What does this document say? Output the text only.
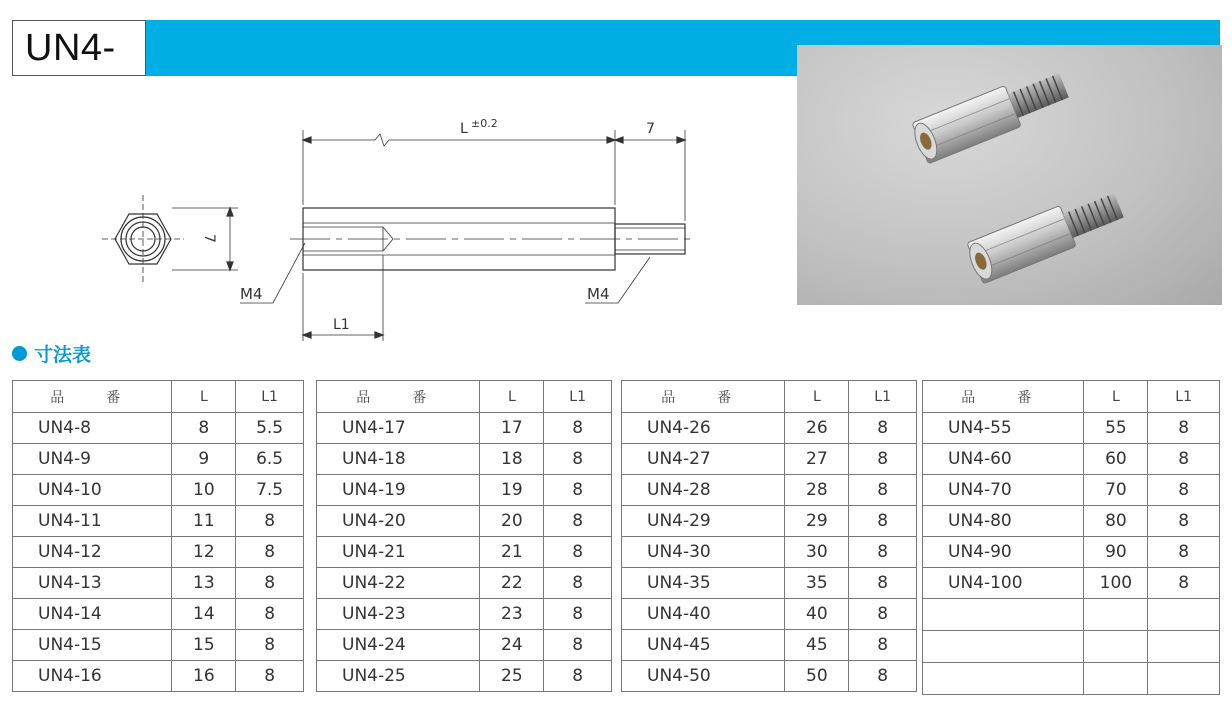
UN4-
7
L ±0.2	7
M4	M4
L1
寸法表
品　番	L	L1
UN4-8	8	5.5
UN4-9	9	6.5
UN4-10	10	7.5
UN4-11	11	8
UN4-12	12	8
UN4-13	13	8
UN4-14	14	8
UN4-15	15	8
UN4-16	16	8
品　番	L	L1
UN4-17	17	8
UN4-18	18	8
UN4-19	19	8
UN4-20	20	8
UN4-21	21	8
UN4-22	22	8
UN4-23	23	8
UN4-24	24	8
UN4-25	25	8
品　番	L	L1
UN4-26	26	8
UN4-27	27	8
UN4-28	28	8
UN4-29	29	8
UN4-30	30	8
UN4-35	35	8
UN4-40	40	8
UN4-45	45	8
UN4-50	50	8
品　番	L	L1
UN4-55	55	8
UN4-60	60	8
UN4-70	70	8
UN4-80	80	8
UN4-90	90	8
UN4-100	100	8
